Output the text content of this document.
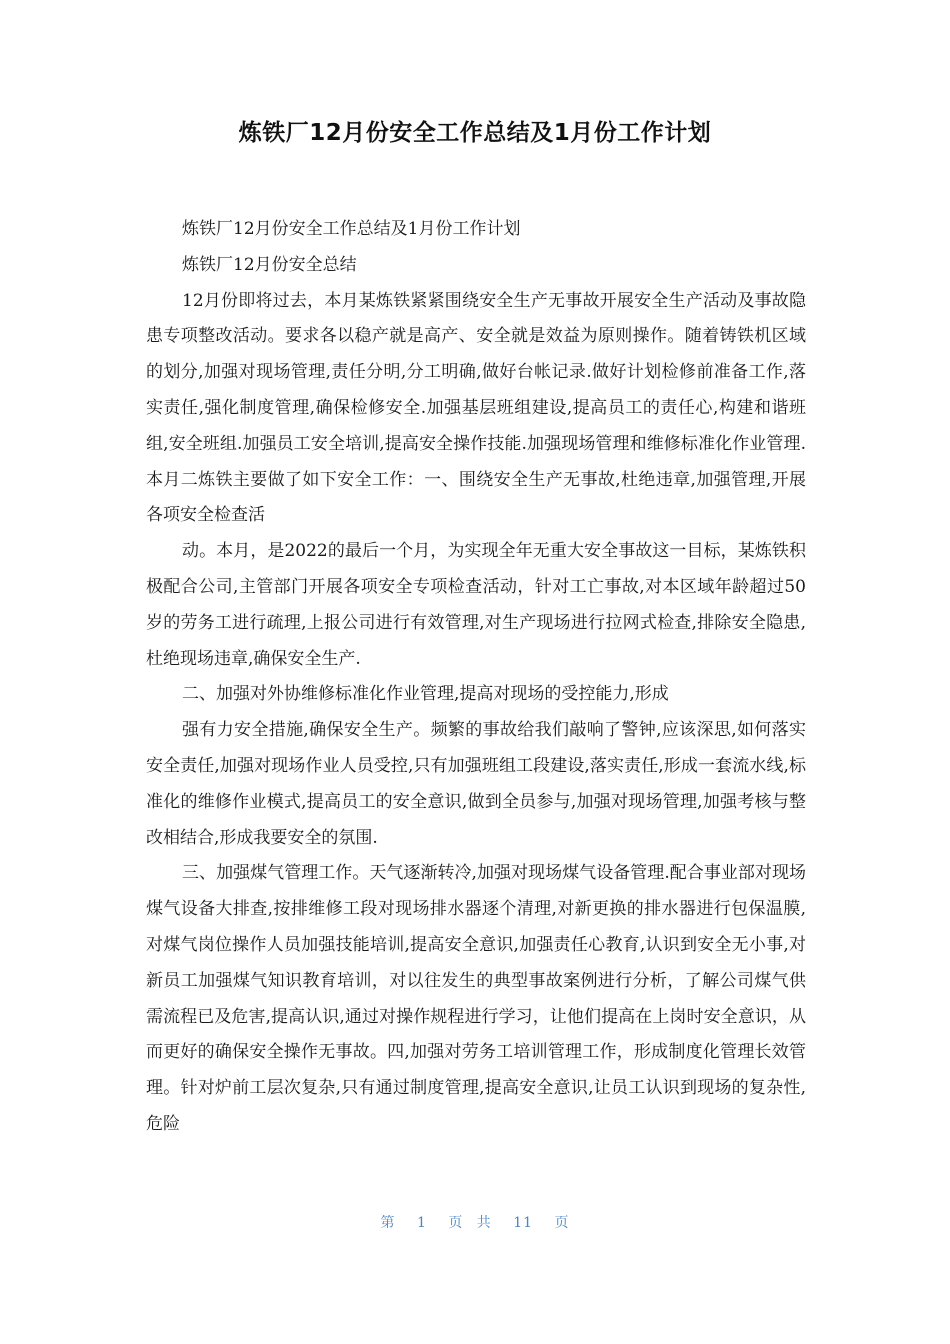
炼铁厂12月份安全工作总结及1月份工作计划

炼铁厂12月份安全工作总结及1月份工作计划

炼铁厂12月份安全总结

12月份即将过去，本月某炼铁紧紧围绕安全生产无事故开展安全生产活动及事故隐患专项整改活动。要求各以稳产就是高产、安全就是效益为原则操作。随着铸铁机区域的划分,加强对现场管理,责任分明,分工明确,做好台帐记录.做好计划检修前准备工作,落实责任,强化制度管理,确保检修安全.加强基层班组建设,提高员工的责任心,构建和谐班组,安全班组.加强员工安全培训,提高安全操作技能.加强现场管理和维修标准化作业管理.本月二炼铁主要做了如下安全工作：一、围绕安全生产无事故,杜绝违章,加强管理,开展各项安全检查活

动。本月，是2022的最后一个月，为实现全年无重大安全事故这一目标，某炼铁积极配合公司,主管部门开展各项安全专项检查活动，针对工亡事故,对本区域年龄超过50岁的劳务工进行疏理,上报公司进行有效管理,对生产现场进行拉网式检查,排除安全隐患,杜绝现场违章,确保安全生产.

二、加强对外协维修标准化作业管理,提高对现场的受控能力,形成

强有力安全措施,确保安全生产。频繁的事故给我们敲响了警钟,应该深思,如何落实安全责任,加强对现场作业人员受控,只有加强班组工段建设,落实责任,形成一套流水线,标准化的维修作业模式,提高员工的安全意识,做到全员参与,加强对现场管理,加强考核与整改相结合,形成我要安全的氛围.

三、加强煤气管理工作。天气逐渐转冷,加强对现场煤气设备管理.配合事业部对现场煤气设备大排查,按排维修工段对现场排水器逐个清理,对新更换的排水器进行包保温膜,对煤气岗位操作人员加强技能培训,提高安全意识,加强责任心教育,认识到安全无小事,对新员工加强煤气知识教育培训，对以往发生的典型事故案例进行分析，了解公司煤气供需流程已及危害,提高认识,通过对操作规程进行学习，让他们提高在上岗时安全意识，从而更好的确保安全操作无事故。四,加强对劳务工培训管理工作，形成制度化管理长效管理。针对炉前工层次复杂,只有通过制度管理,提高安全意识,让员工认识到现场的复杂性,危险

第 1 页 共 11 页
